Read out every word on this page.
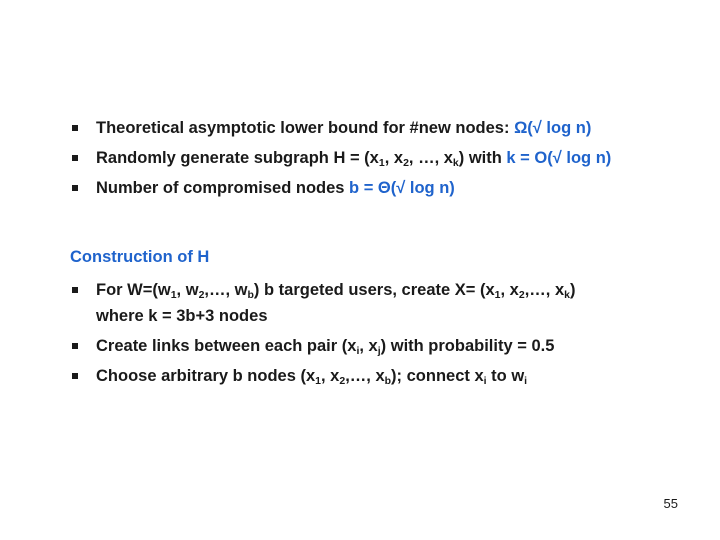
Theoretical asymptotic lower bound for #new nodes: Ω(√ log n)
Randomly generate subgraph $H = (x_1$, $x_2$, …, $x_k$) with k = O(√ log n)
Number of compromised nodes b = Θ(√ log n)
Construction of H
For $W=(w_1$, $w_2,\dots$, $w_b$) b targeted users, create $X= (x_1$, $x_2,\dots$, $x_k$)
where k = 3b+3 nodes
Create links between each pair ($x_i$, $x_j$) with probability = 0.5
Choose arbitrary b nodes ($x_1$, $x_2,\dots$, $x_b$); connect $x_i$ to $w_i$
55
